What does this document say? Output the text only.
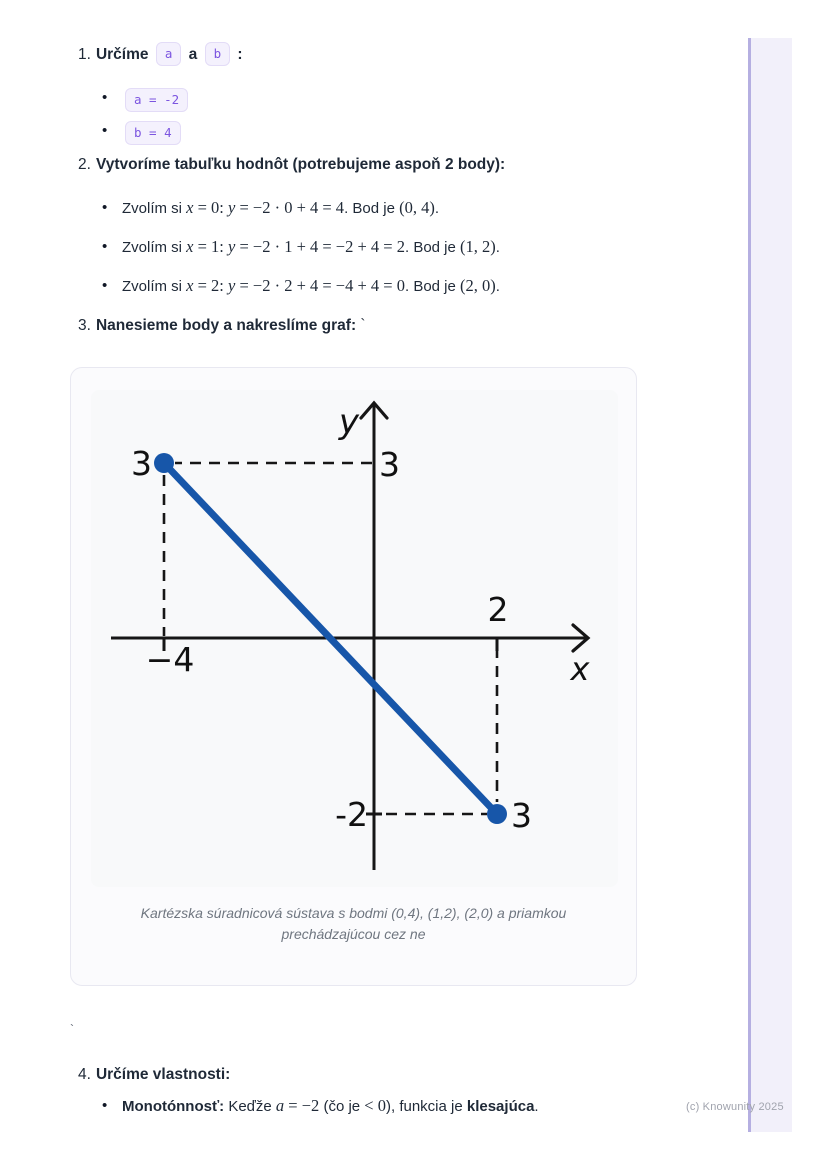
1. Určíme a a b :
• a = -2
• b = 4
2. Vytvoríme tabuľku hodnôt (potrebujeme aspoň 2 body):
• Zvolím si x = 0: y = −2 · 0 + 4 = 4. Bod je (0, 4).
• Zvolím si x = 1: y = −2 · 1 + 4 = −2 + 4 = 2. Bod je (1, 2).
• Zvolím si x = 2: y = −2 · 2 + 4 = −4 + 4 = 0. Bod je (2, 0).
3. Nanesieme body a nakreslíme graf: `
3	3
−4
2
-2	3
y
x
Kartézska súradnicová sústava s bodmi (0,4), (1,2), (2,0) a priamkou
prechádzajúcou cez ne
`
4. Určíme vlastnosti:
• Monotónnosť: Keďže a = −2 (čo je < 0), funkcia je klesajúca.	(c) Knowunity 2025
